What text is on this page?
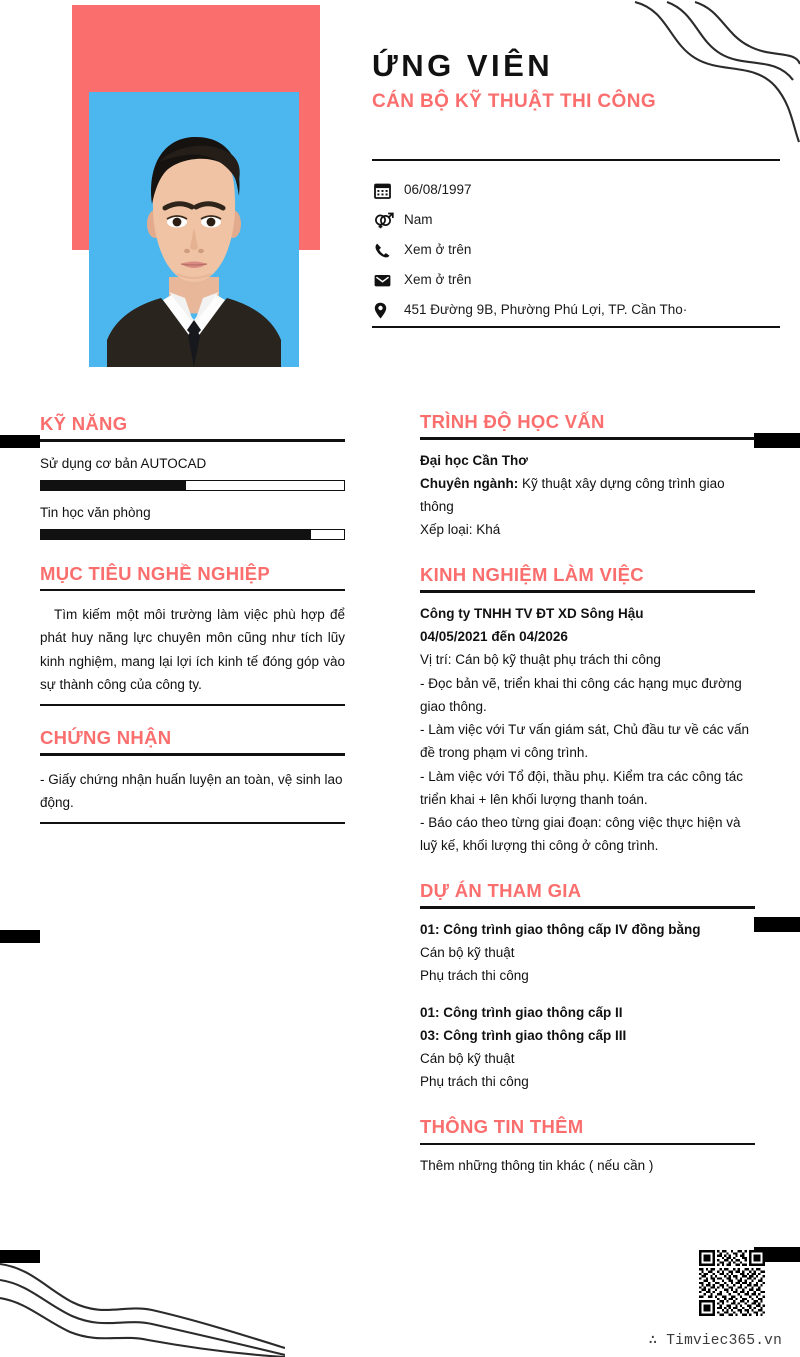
ỨNG VIÊN
CÁN BỘ KỸ THUẬT THI CÔNG
06/08/1997
Nam
Xem ở trên
Xem ở trên
451 Đường 9B, Phường Phú Lợi, TP. Cần Tho·
KỸ NĂNG
Sử dụng cơ bản AUTOCAD
Tin học văn phòng
MỤC TIÊU NGHỀ NGHIỆP
Tìm kiếm một môi trường làm việc phù hợp để phát huy năng lực chuyên môn cũng như tích lũy kinh nghiệm, mang lại lợi ích kinh tế đóng góp vào sự thành công của công ty.
CHỨNG NHẬN
- Giấy chứng nhận huấn luyện an toàn, vệ sinh lao động.
TRÌNH ĐỘ HỌC VẤN
Đại học Cần Thơ
Chuyên ngành: Kỹ thuật xây dựng công trình giao thông
Xếp loại: Khá
KINH NGHIỆM LÀM VIỆC
Công ty TNHH TV ĐT XD Sông Hậu
04/05/2021 đến 04/2026
Vị trí: Cán bộ kỹ thuật phụ trách thi công
- Đọc bản vẽ, triển khai thi công các hạng mục đường giao thông.
- Làm việc với Tư vấn giám sát, Chủ đầu tư về các vấn đề trong phạm vi công trình.
- Làm việc với Tổ đội, thầu phụ. Kiểm tra các công tác triển khai + lên khối lượng thanh toán.
- Báo cáo theo từng giai đoạn: công việc thực hiện và luỹ kế, khối lượng thi công ở công trình.
DỰ ÁN THAM GIA
01: Công trình giao thông cấp IV đồng bằng
Cán bộ kỹ thuật
Phụ trách thi công
01: Công trình giao thông cấp II
03: Công trình giao thông cấp III
Cán bộ kỹ thuật
Phụ trách thi công
THÔNG TIN THÊM
Thêm những thông tin khác ( nếu cần )
∴ Timviec365.vn
